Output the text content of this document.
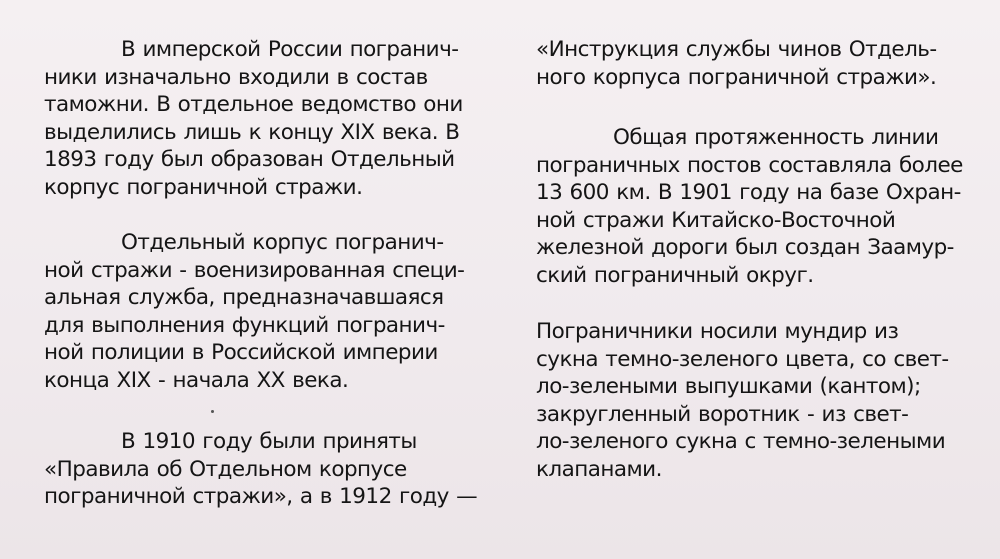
В имперской России погранич-
ники изначально входили в состав
таможни. В отдельное ведомство они
выделились лишь к концу XIX века. В
1893 году был образован Отдельный
корпус пограничной стражи.
Отдельный корпус погранич-
ной стражи - военизированная специ-
альная служба, предназначавшаяся
для выполнения функций погранич-
ной полиции в Российской империи
конца XIX - начала XX века.
В 1910 году были приняты
«Правила об Отдельном корпусе
пограничной стражи», а в 1912 году —
«Инструкция службы чинов Отдель-
ного корпуса пограничной стражи».
Общая протяженность линии
пограничных постов составляла более
13 600 км. В 1901 году на базе Охран-
ной стражи Китайско-Восточной
железной дороги был создан Заамур-
ский пограничный округ.
Пограничники носили мундир из
сукна темно-зеленого цвета, со свет-
ло-зелеными выпушками (кантом);
закругленный воротник - из свет-
ло-зеленого сукна с темно-зелеными
клапанами.
